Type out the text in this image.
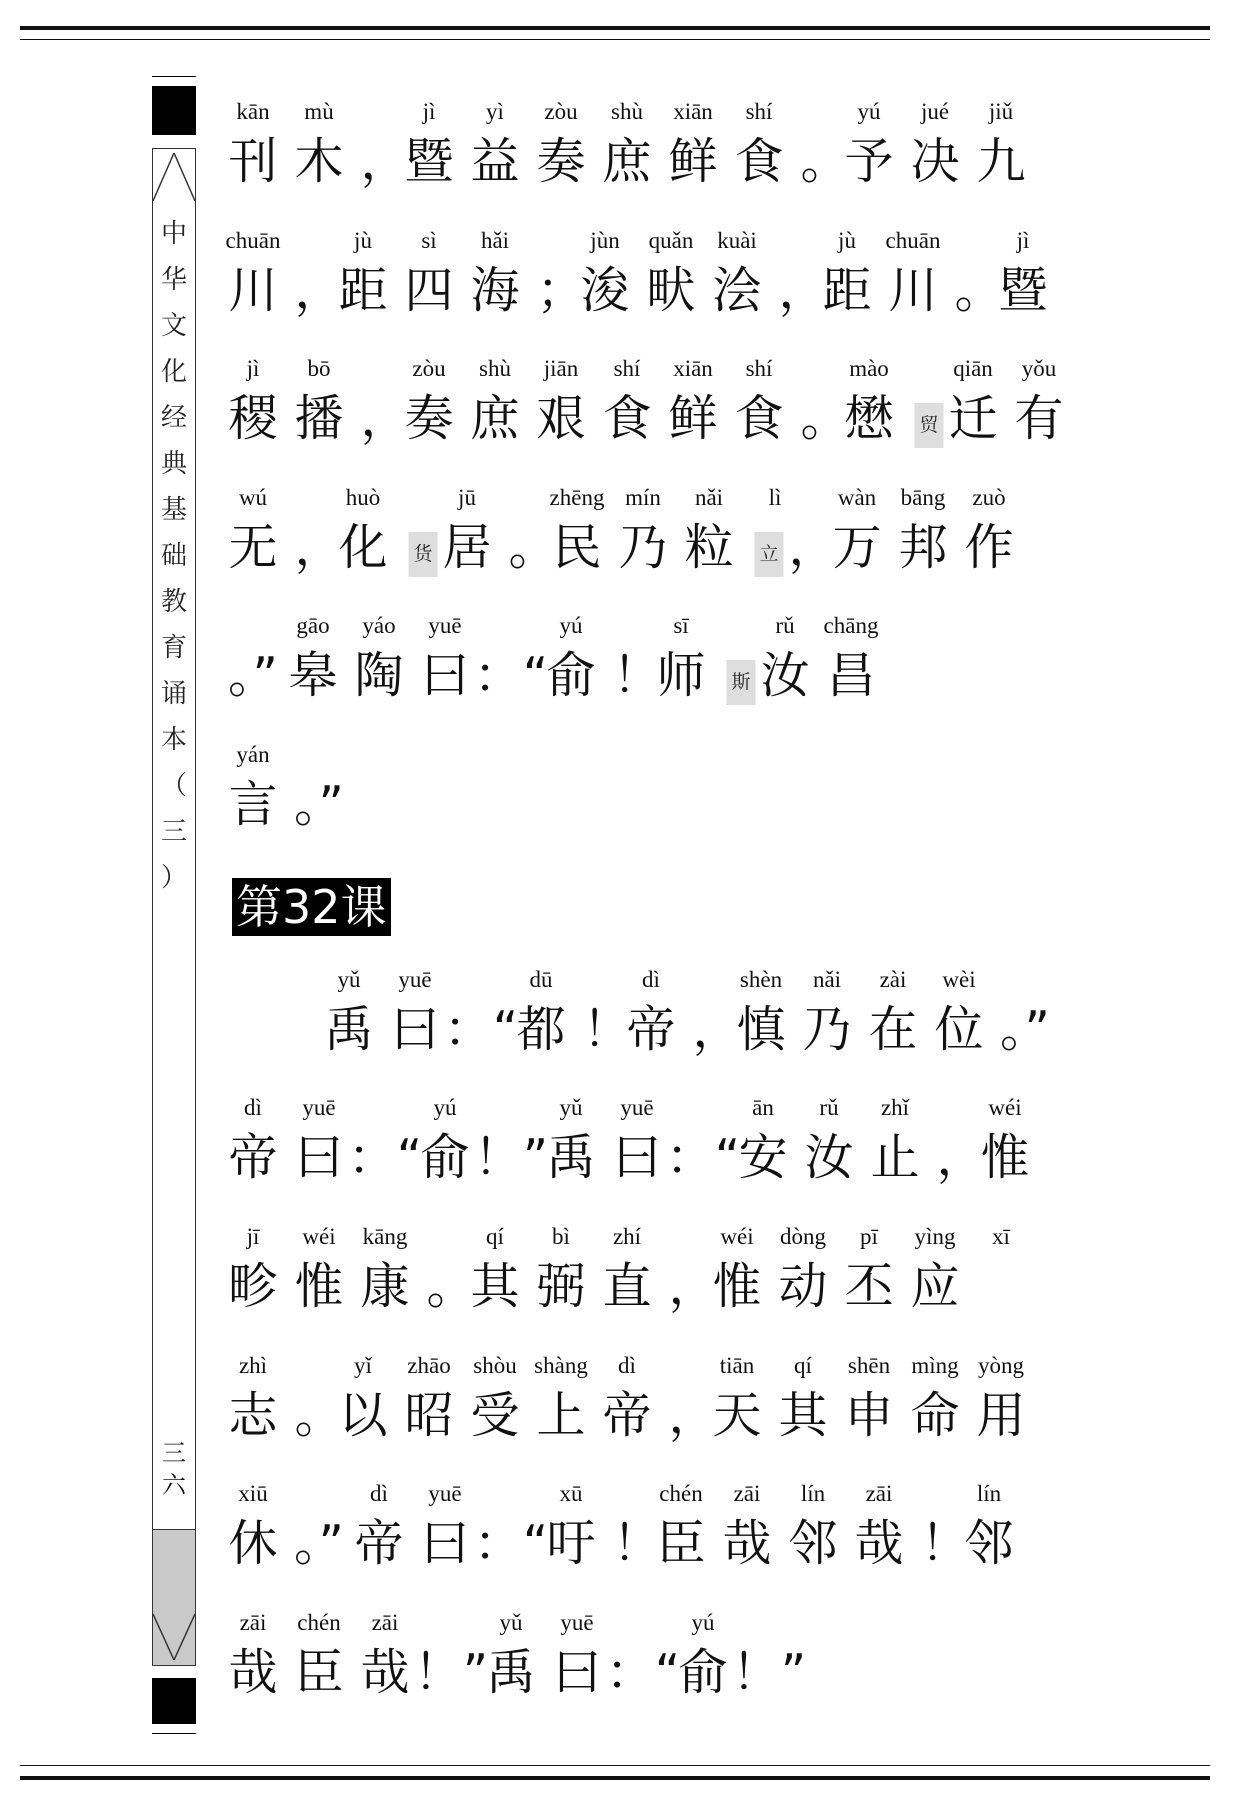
中
华
文
化
经
典
基
础
教
育
诵
本
（
三
）
三
六
第32课
kān
刊
mù
木 ，
jì
暨
yì
益
zòu
奏
shù
庶
xiān
鲜
shí
食 。
yú
予
jué
决
jiǔ
九
chuān
川 ，
jù
距
sì
四
hǎi
海 ；
jùn
浚
quǎn
畎
kuài
浍 ，
jù
距
chuān
川 。
jì
暨
jì
稷
bō
播 ，
zòu
奏
shù
庶
jiān
艰
shí
食
xiān
鲜
shí
食 。
mào
懋 贸
qiān
迁
yǒu
有
wú
无 ，
huò
化 货
jū
居 。
zhēng
民
mín
乃
nǎi
粒
lì
立 ，
wàn
万
bāng
邦
zuò
作
。”
gāo
皋
yáo
陶
yuē
曰 ：“
yú
俞 ！
sī
师 斯
rǔ
汝
chāng
昌
yán
言 。”
yǔ
禹
yuē
曰 ：“
dū
都 ！
dì
帝 ，
shèn
慎
nǎi
乃
zài
在
wèi
位 。”
dì
帝
yuē
曰 ：“
yú
俞 ！”
yǔ
禹
yuē
曰 ：“
ān
安
rǔ
汝
zhǐ
止 ，
wéi
惟
jī
畛
wéi
惟
kāng
康 。
qí
其
bì
弼
zhí
直 ，
wéi
惟
dòng
动
pī
丕
yìng
应
xī
zhì
志 。
yǐ
以
zhāo
昭
shòu
受
shàng
上
dì
帝 ，
tiān
天
qí
其
shēn
申
mìng
命
yòng
用
xiū
休 。”
dì
帝
yuē
曰 ：“
xū
吁 ！
chén
臣
zāi
哉
lín
邻
zāi
哉 ！
lín
邻
zāi
哉
chén
臣
zāi
哉 ！”
yǔ
禹
yuē
曰 ：“
yú
俞 ！”
